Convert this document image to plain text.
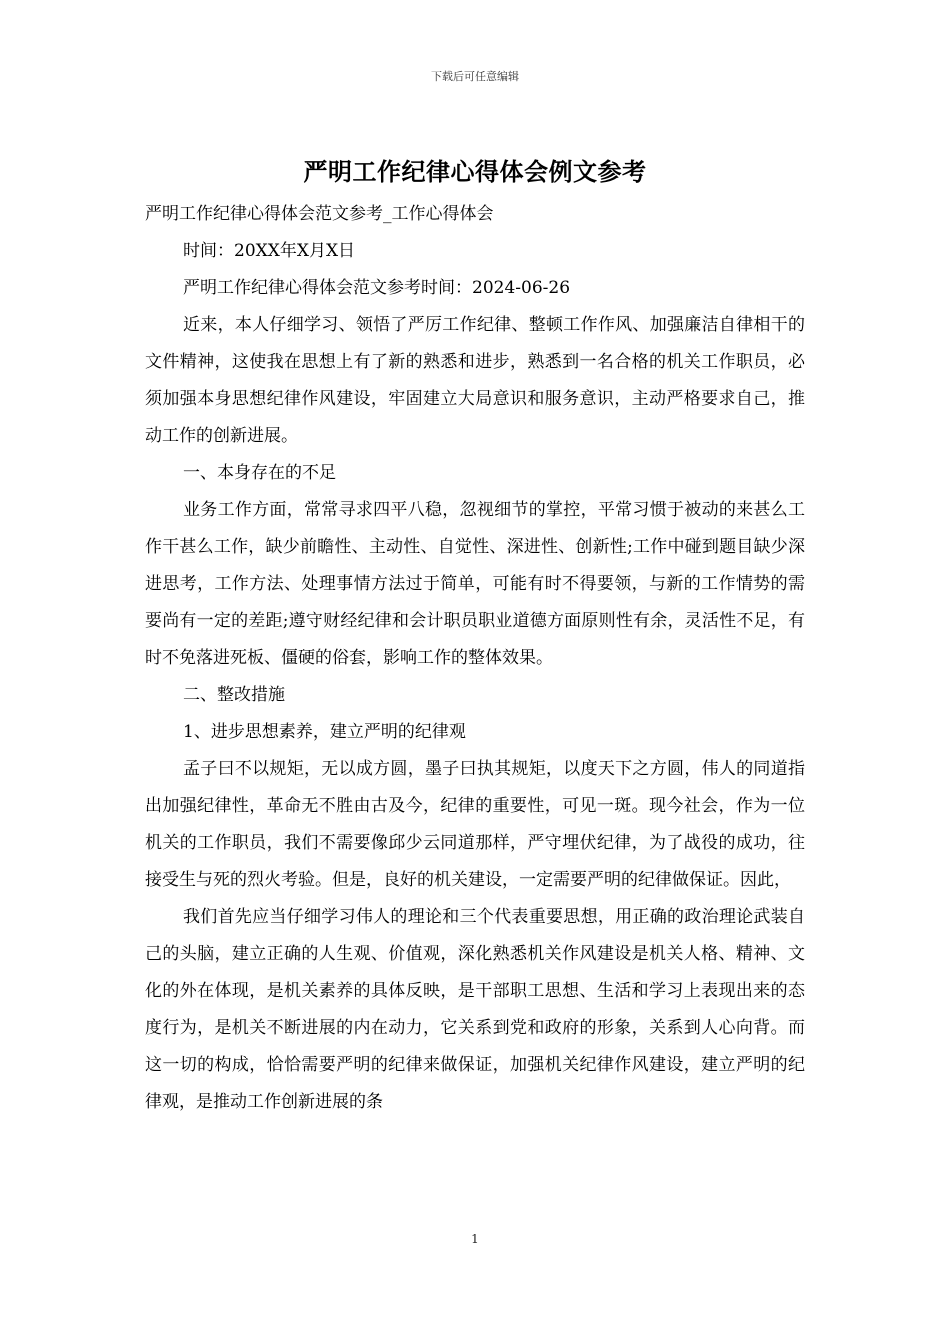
下载后可任意编辑
严明工作纪律心得体会例文参考

严明工作纪律心得体会范文参考_工作心得体会

时间：20XX年X月X日

严明工作纪律心得体会范文参考时间：2024-06-26

近来，本人仔细学习、领悟了严厉工作纪律、整顿工作作风、加强廉洁自律相干的文件精神，这使我在思想上有了新的熟悉和进步，熟悉到一名合格的机关工作职员，必须加强本身思想纪律作风建设，牢固建立大局意识和服务意识，主动严格要求自己，推动工作的创新进展。

一、本身存在的不足

业务工作方面，常常寻求四平八稳，忽视细节的掌控，平常习惯于被动的来甚么工作干甚么工作，缺少前瞻性、主动性、自觉性、深进性、创新性;工作中碰到题目缺少深进思考，工作方法、处理事情方法过于简单，可能有时不得要领，与新的工作情势的需要尚有一定的差距;遵守财经纪律和会计职员职业道德方面原则性有余，灵活性不足，有时不免落进死板、僵硬的俗套，影响工作的整体效果。

二、整改措施

1、进步思想素养，建立严明的纪律观

孟子曰不以规矩，无以成方圆，墨子曰执其规矩，以度天下之方圆，伟人的同道指出加强纪律性，革命无不胜由古及今，纪律的重要性，可见一斑。现今社会，作为一位机关的工作职员，我们不需要像邱少云同道那样，严守埋伏纪律，为了战役的成功，往接受生与死的烈火考验。但是，良好的机关建设，一定需要严明的纪律做保证。因此，

我们首先应当仔细学习伟人的理论和三个代表重要思想，用正确的政治理论武装自己的头脑，建立正确的人生观、价值观，深化熟悉机关作风建设是机关人格、精神、文化的外在体现，是机关素养的具体反映，是干部职工思想、生活和学习上表现出来的态度行为，是机关不断进展的内在动力，它关系到党和政府的形象，关系到人心向背。而这一切的构成，恰恰需要严明的纪律来做保证，加强机关纪律作风建设，建立严明的纪律观，是推动工作创新进展的条

1
